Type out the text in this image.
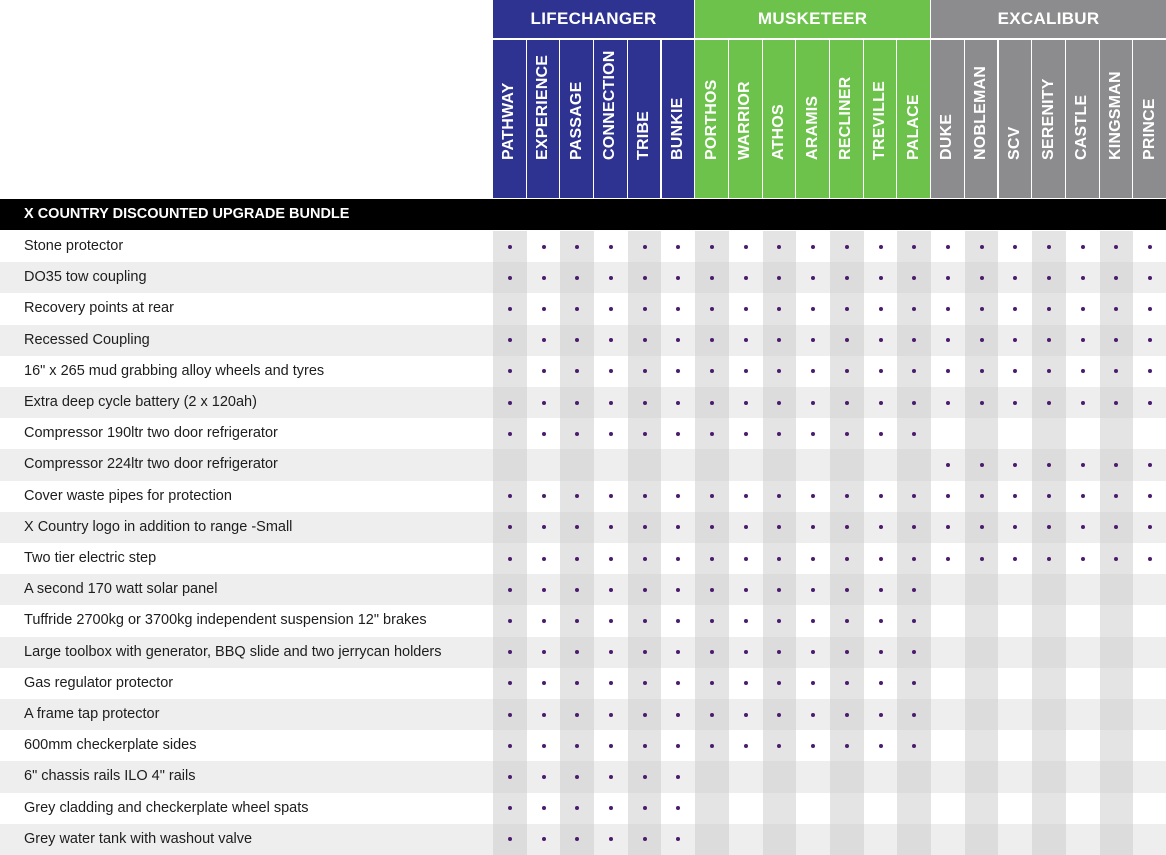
LIFECHANGER
PATHWAY EXPERIENCE PASSAGE CONNECTION TRIBE BUNKIE
MUSKETEER
PORTHOS WARRIOR ATHOS ARAMIS RECLINER TREVILLE PALACE
EXCALIBUR
DUKE NOBLEMAN SCV SERENITY CASTLE KINGSMAN PRINCE
X COUNTRY DISCOUNTED UPGRADE BUNDLE
Stone protector
DO35 tow coupling
Recovery points at rear
Recessed Coupling
16" x 265 mud grabbing alloy wheels and tyres
Extra deep cycle battery (2 x 120ah)
Compressor 190ltr two door refrigerator
Compressor 224ltr two door refrigerator
Cover waste pipes for protection
X Country logo in addition to range -Small
Two tier electric step
A second 170 watt solar panel
Tuffride 2700kg or 3700kg independent suspension 12" brakes
Large toolbox with generator, BBQ slide and two jerrycan holders
Gas regulator protector
A frame tap protector
600mm checkerplate sides
6" chassis rails ILO 4" rails
Grey cladding and checkerplate wheel spats
Grey water tank with washout valve
